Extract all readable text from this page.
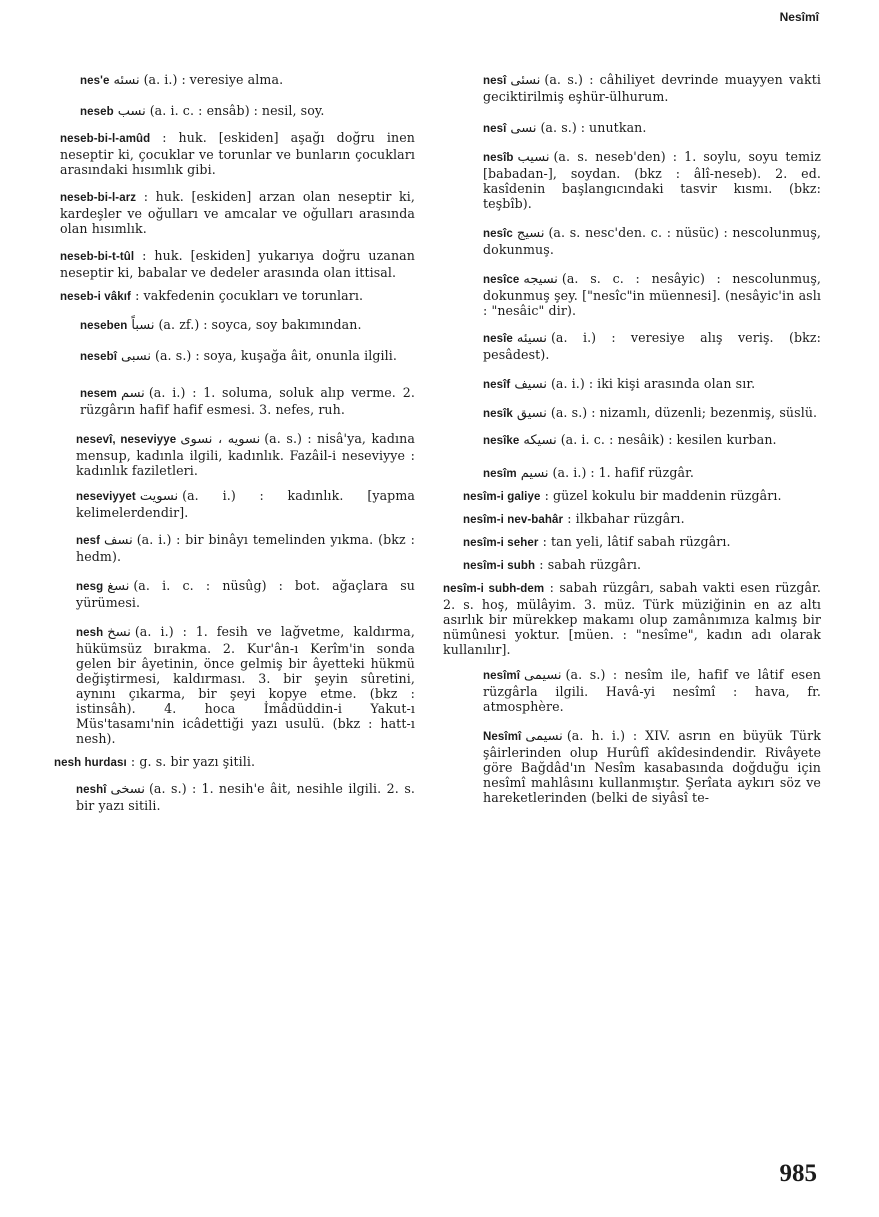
Nesîmî

nes'e نسئه (a. i.) : veresiye alma.

neseb نسب (a. i. c. : ensâb) : nesil, soy.

neseb-bi-l-amûd : huk. [eskiden] aşağı doğru inen neseptir ki, çocuklar ve torunlar ve bunların çocukları arasındaki hısımlık gibi.

neseb-bi-l-arz : huk. [eskiden] arzan olan neseptir ki, kardeşler ve oğulları ve amcalar ve oğulları arasında olan hısımlık.

neseb-bi-t-tûl : huk. [eskiden] yukarıya doğru uzanan neseptir ki, babalar ve dedeler arasında olan ittisal.

neseb-i vâkıf : vakfedenin çocukları ve torunları.

neseben نسباً (a. zf.) : soyca, soy bakımından.

nesebî نسبى (a. s.) : soya, kuşağa âit, onunla ilgili.

nesem نسم (a. i.) : 1. soluma, soluk alıp verme. 2. rüzgârın hafif hafif esmesi. 3. nefes, ruh.

nesevî, neseviyye نسويه ، نسوى (a. s.) : nisâ'ya, kadına mensup, kadınla ilgili, kadınlık. Fazâil-i neseviyye : kadınlık faziletleri.

neseviyyet نسويت (a. i.) : kadınlık. [yapma kelimelerdendir].

nesf نسف (a. i.) : bir binâyı temelinden yıkma. (bkz : hedm).

nesg نسغ (a. i. c. : nüsûg) : bot. ağaçlara su yürümesi.

nesh نسخ (a. i.) : 1. fesih ve lağvetme, kaldırma, hükümsüz bırakma. 2. Kur'ân-ı Kerîm'in sonda gelen bir âyetinin, önce gelmiş bir âyetteki hükmü değiştirmesi, kaldırması. 3. bir şeyin sûretini, aynını çıkarma, bir şeyi kopye etme. (bkz : istinsâh). 4. hoca İmâdüddin-i Yakut-ı Müs'tasamı'nin icâdettiği yazı usulü. (bkz : hatt-ı nesh).

nesh hurdası : g. s. bir yazı şitili.

neshî نسخى (a. s.) : 1. nesih'e âit, nesihle ilgili. 2. s. bir yazı sitili.

nesî نسئى (a. s.) : câhiliyet devrinde muayyen vakti geciktirilmiş eşhür-ülhurum.

nesî نسى (a. s.) : unutkan.

nesîb نسيب (a. s. neseb'den) : 1. soylu, soyu temiz [babadan-], soydan. (bkz : âlî-neseb). 2. ed. kasîdenin başlangıcındaki tasvir kısmı. (bkz: teşbîb).

nesîc نسيج (a. s. nesc'den. c. : nüsüc) : nescolunmuş, dokunmuş.

nesîce نسيجه (a. s. c. : nesâyic) : nescolunmuş, dokunmuş şey. ["nesîc"in müennesi]. (nesâyic'in aslı : "nesâic" dir).

nesîe نسيئه (a. i.) : veresiye alış veriş. (bkz: pesâdest).

nesîf نسيف (a. i.) : iki kişi arasında olan sır.

nesîk نسيق (a. s.) : nizamlı, düzenli; bezenmiş, süslü.

nesîke نسيكه (a. i. c. : nesâik) : kesilen kurban.

nesîm نسيم (a. i.) : 1. hafif rüzgâr.

nesîm-i galiye : güzel kokulu bir maddenin rüzgârı.

nesîm-i nev-bahâr : ilkbahar rüzgârı.

nesîm-i seher : tan yeli, lâtif sabah rüzgârı.

nesîm-i subh : sabah rüzgârı.

nesîm-i subh-dem : sabah rüzgârı, sabah vakti esen rüzgâr. 2. s. hoş, mülâyim. 3. müz. Türk müziğinin en az altı asırlık bir mürekkep makamı olup zamânımıza kalmış bir nümûnesi yoktur. [müen. : "nesîme", kadın adı olarak kullanılır].

nesîmî نسيمى (a. s.) : nesîm ile, hafif ve lâtif esen rüzgârla ilgili. Havâ-yi nesîmî : hava, fr. atmosphère.

Nesîmî نسيمى (a. h. i.) : XIV. asrın en büyük Türk şâirlerinden olup Hurûfî akîdesindendir. Rivâyete göre Bağdâd'ın Nesîm kasabasında doğduğu için nesîmî mahlâsını kullanmıştır. Şerîata aykırı söz ve hareketlerinden (belki de siyâsî te-

985
